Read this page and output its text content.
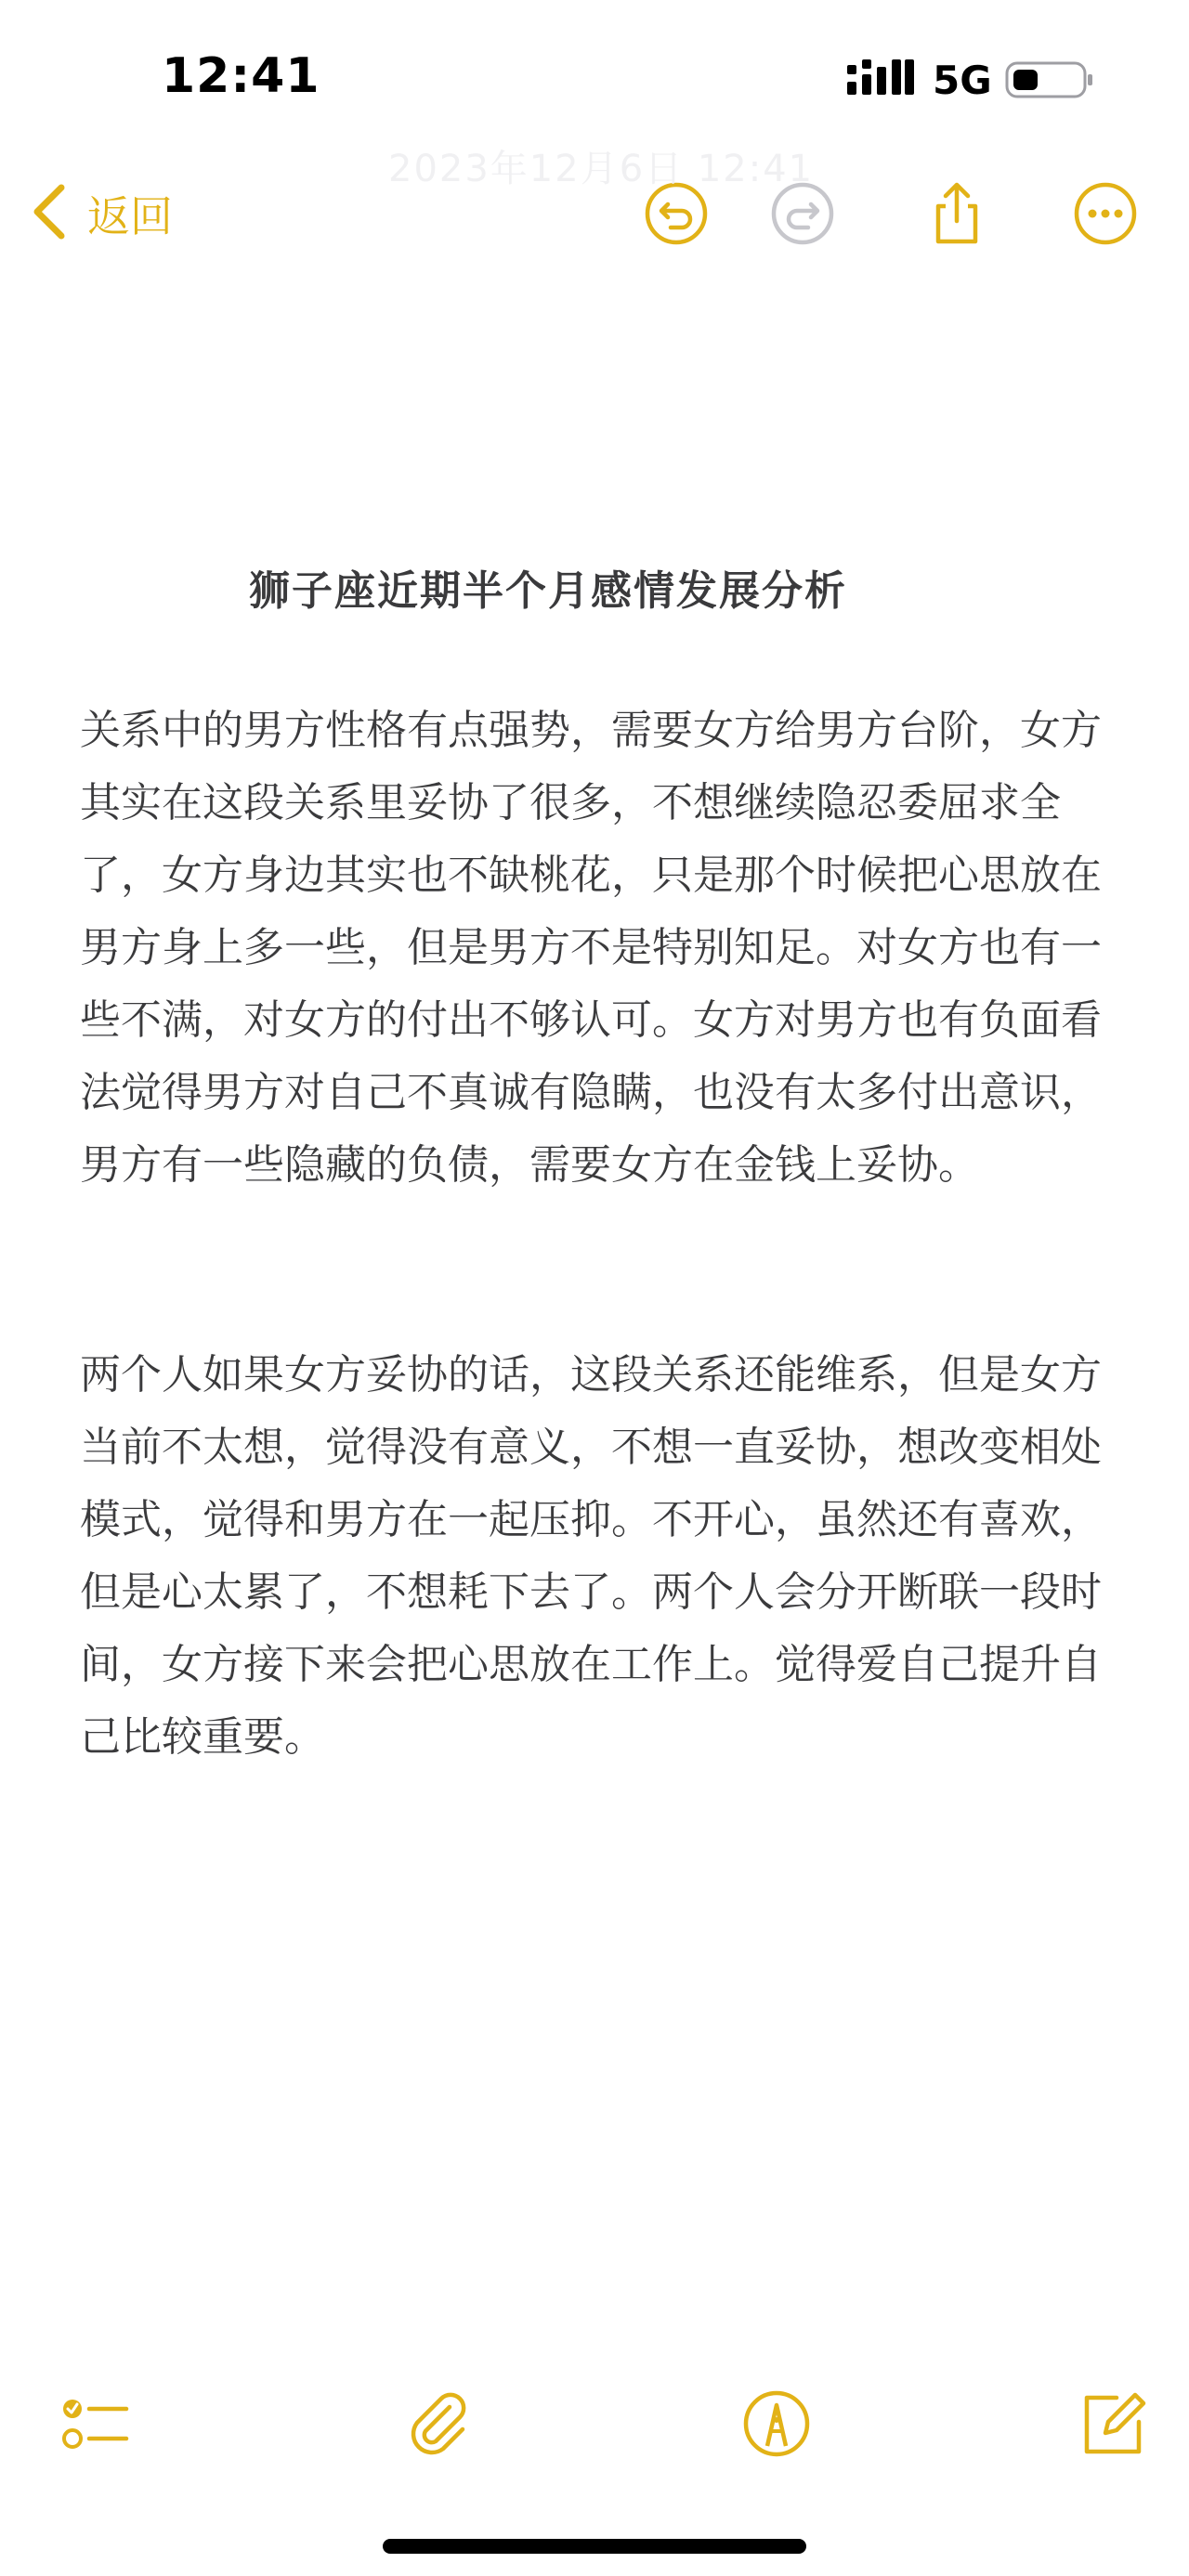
12:41	5G
返回
2023年12月6日 12:41
狮子座近期半个月感情发展分析

关系中的男方性格有点强势，需要女方给男方台阶，女方其实在这段关系里妥协了很多，不想继续隐忍委屈求全了，女方身边其实也不缺桃花，只是那个时候把心思放在男方身上多一些，但是男方不是特别知足。对女方也有一些不满，对女方的付出不够认可。女方对男方也有负面看法觉得男方对自己不真诚有隐瞒，也没有太多付出意识，男方有一些隐藏的负债，需要女方在金钱上妥协。

两个人如果女方妥协的话，这段关系还能维系，但是女方当前不太想，觉得没有意义，不想一直妥协，想改变相处模式，觉得和男方在一起压抑。不开心，虽然还有喜欢，但是心太累了，不想耗下去了。两个人会分开断联一段时间，女方接下来会把心思放在工作上。觉得爱自己提升自己比较重要。
